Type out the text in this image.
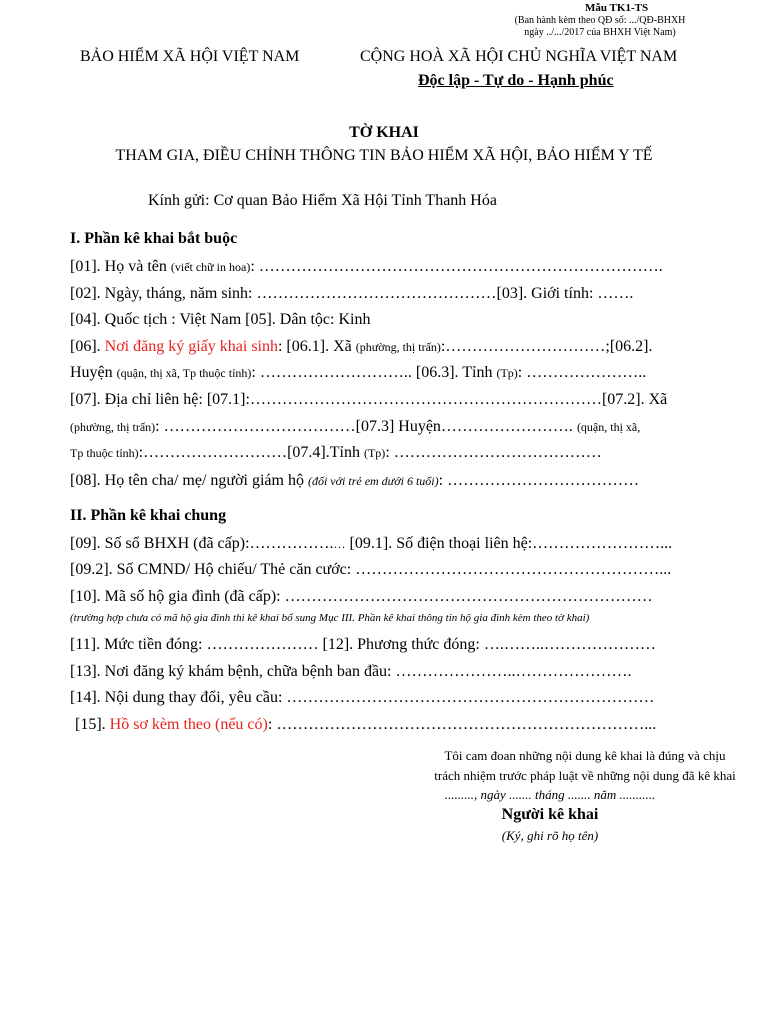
Mẫu TK1-TS
(Ban hành kèm theo QĐ số: .../QĐ-BHXH
ngày ../.../2017 của BHXH Việt Nam)
BẢO HIỂM XÃ HỘI VIỆT NAM	CỘNG HOÀ XÃ HỘI CHỦ NGHĨA VIỆT NAM
Độc lập - Tự do - Hạnh phúc
TỜ KHAI
THAM GIA, ĐIỀU CHỈNH THÔNG TIN BẢO HIỂM XÃ HỘI, BẢO HIỂM Y TẾ
Kính gửi: Cơ quan Bảo Hiểm Xã Hội Tỉnh Thanh Hóa
I. Phần kê khai bắt buộc
[01]. Họ và tên (viết chữ in hoa): ………………………………………………………………….
[02]. Ngày, tháng, năm sinh: ………………………………………[03]. Giới tính: …….
[04]. Quốc tịch : Việt Nam [05]. Dân tộc: Kinh
[06]. Nơi đăng ký giấy khai sinh: [06.1]. Xã (phường, thị trấn):…………………………;[06.2].
Huyện (quận, thị xã, Tp thuộc tỉnh): ……………………….. [06.3]. Tỉnh (Tp): …………………..
[07]. Địa chỉ liên hệ: [07.1]:…………………………………………………………[07.2]. Xã
(phường, thị trấn): ………………………………[07.3] Huyện……………………. (quận, thị xã,
Tp thuộc tỉnh):………………………[07.4].Tỉnh (Tp): …………………………………
[08]. Họ tên cha/ mẹ/ người giám hộ (đối với trẻ em dưới 6 tuổi): ………………………………
II. Phần kê khai chung
[09]. Số sổ BHXH (đã cấp):…………….… [09.1]. Số điện thoại liên hệ:……………………...
[09.2]. Số CMND/ Hộ chiếu/ Thẻ căn cước: …………………………………………………...
[10]. Mã số hộ gia đình (đã cấp): ……………………………………………………………
(trường hợp chưa có mã hộ gia đình thì kê khai bổ sung Mục III. Phần kê khai thông tin hộ gia đình kèm theo tờ khai)
[11]. Mức tiền đóng: ………………… [12]. Phương thức đóng: ….……..…………………
[13]. Nơi đăng ký khám bệnh, chữa bệnh ban đầu: …………………..………………….
[14]. Nội dung thay đổi, yêu cầu: ……………………………………………………………
[15]. Hồ sơ kèm theo (nếu có): ……………………………………………………………...
Tôi cam đoan những nội dung kê khai là đúng và chịu
trách nhiệm trước pháp luật về những nội dung đã kê khai
........., ngày ....... tháng ....... năm ...........
Người kê khai
(Ký, ghi rõ họ tên)
